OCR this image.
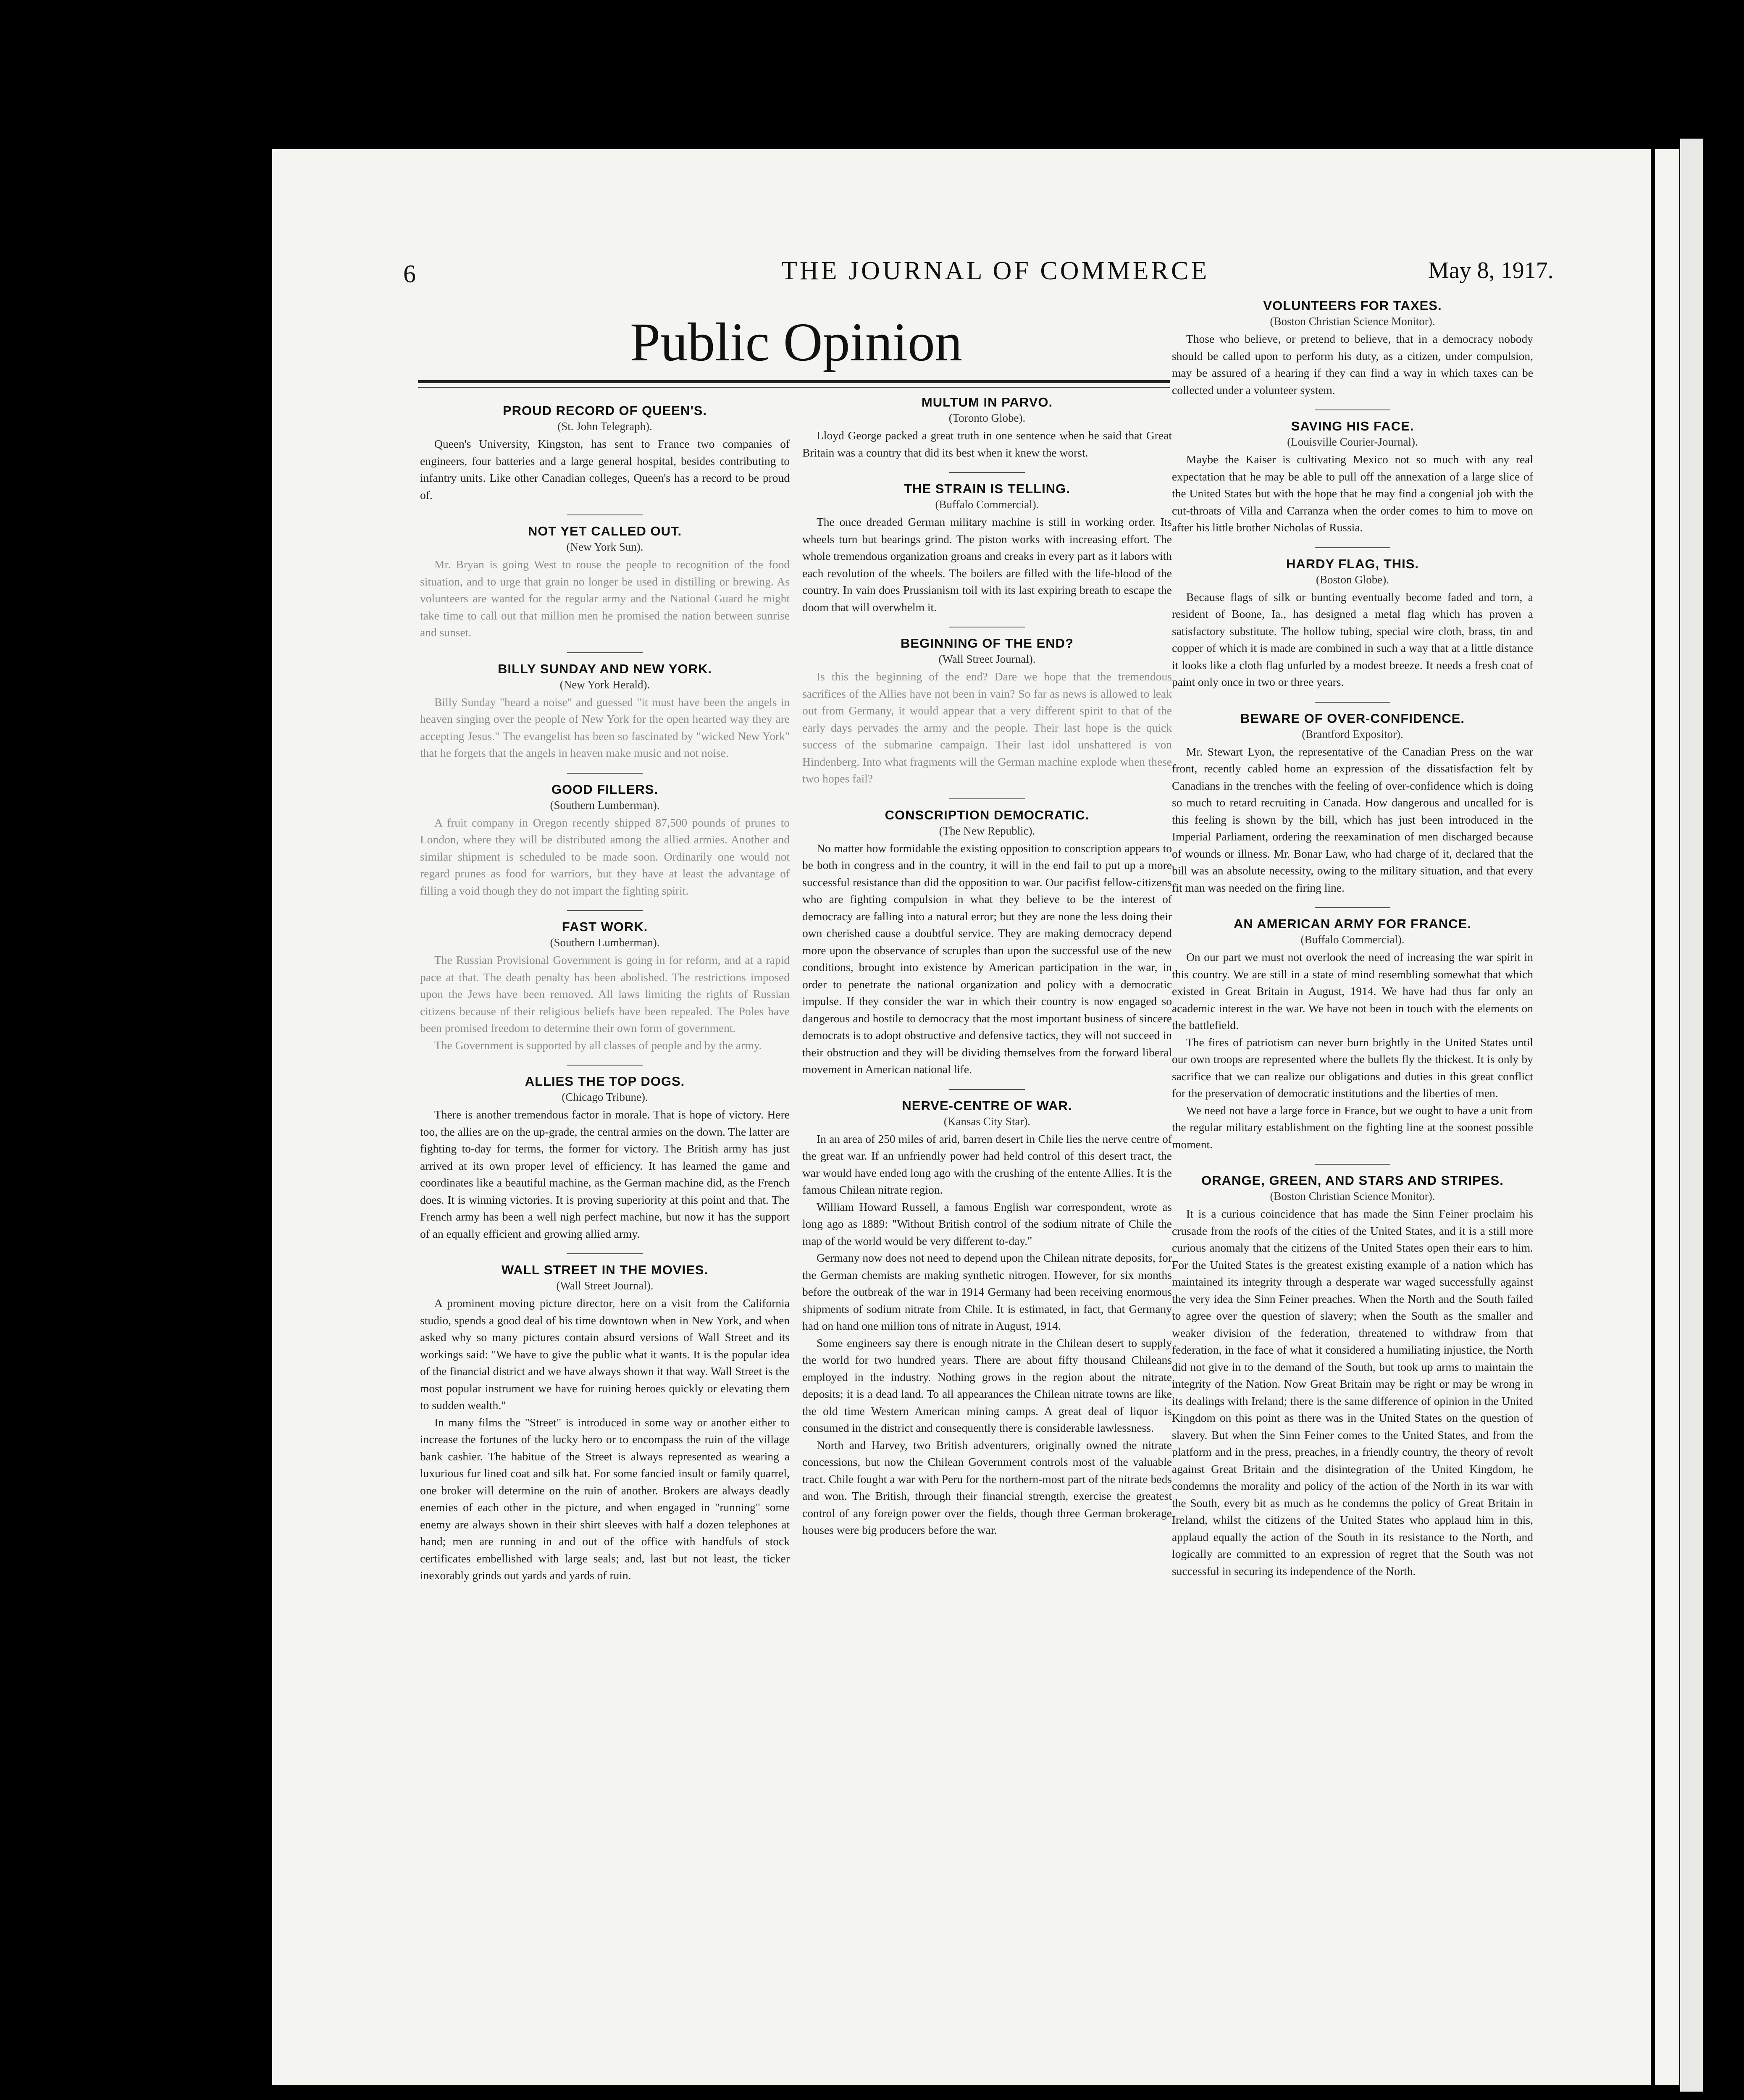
6	THE JOURNAL OF COMMERCE	May 8, 1917.
Public Opinion
PROUD RECORD OF QUEEN'S.
(St. John Telegraph).

Queen's University, Kingston, has sent to France two companies of engineers, four batteries and a large general hospital, besides contributing to infantry units. Like other Canadian colleges, Queen's has a record to be proud of.

NOT YET CALLED OUT.
(New York Sun).

Mr. Bryan is going West to rouse the people to recognition of the food situation, and to urge that grain no longer be used in distilling or brewing. As volunteers are wanted for the regular army and the National Guard he might take time to call out that million men he promised the nation between sunrise and sunset.

BILLY SUNDAY AND NEW YORK.
(New York Herald).

Billy Sunday "heard a noise" and guessed "it must have been the angels in heaven singing over the people of New York for the open hearted way they are accepting Jesus." The evangelist has been so fascinated by "wicked New York" that he forgets that the angels in heaven make music and not noise.

GOOD FILLERS.
(Southern Lumberman).

A fruit company in Oregon recently shipped 87,500 pounds of prunes to London, where they will be distributed among the allied armies. Another and similar shipment is scheduled to be made soon. Ordinarily one would not regard prunes as food for warriors, but they have at least the advantage of filling a void though they do not impart the fighting spirit.

FAST WORK.
(Southern Lumberman).

The Russian Provisional Government is going in for reform, and at a rapid pace at that. The death penalty has been abolished. The restrictions imposed upon the Jews have been removed. All laws limiting the rights of Russian citizens because of their religious beliefs have been repealed. The Poles have been promised freedom to determine their own form of government.

The Government is supported by all classes of people and by the army.

ALLIES THE TOP DOGS.
(Chicago Tribune).

There is another tremendous factor in morale. That is hope of victory. Here too, the allies are on the up-grade, the central armies on the down. The latter are fighting to-day for terms, the former for victory. The British army has just arrived at its own proper level of efficiency. It has learned the game and coordinates like a beautiful machine, as the German machine did, as the French does. It is winning victories. It is proving superiority at this point and that. The French army has been a well nigh perfect machine, but now it has the support of an equally efficient and growing allied army.

WALL STREET IN THE MOVIES.
(Wall Street Journal).

A prominent moving picture director, here on a visit from the California studio, spends a good deal of his time downtown when in New York, and when asked why so many pictures contain absurd versions of Wall Street and its workings said: "We have to give the public what it wants. It is the popular idea of the financial district and we have always shown it that way. Wall Street is the most popular instrument we have for ruining heroes quickly or elevating them to sudden wealth."

In many films the "Street" is introduced in some way or another either to increase the fortunes of the lucky hero or to encompass the ruin of the village bank cashier. The habitue of the Street is always represented as wearing a luxurious fur lined coat and silk hat. For some fancied insult or family quarrel, one broker will determine on the ruin of another. Brokers are always deadly enemies of each other in the picture, and when engaged in "running" some enemy are always shown in their shirt sleeves with half a dozen telephones at hand; men are running in and out of the office with handfuls of stock certificates embellished with large seals; and, last but not least, the ticker inexorably grinds out yards and yards of ruin.

MULTUM IN PARVO.
(Toronto Globe).

Lloyd George packed a great truth in one sentence when he said that Great Britain was a country that did its best when it knew the worst.

THE STRAIN IS TELLING.
(Buffalo Commercial).

The once dreaded German military machine is still in working order. Its wheels turn but bearings grind. The piston works with increasing effort. The whole tremendous organization groans and creaks in every part as it labors with each revolution of the wheels. The boilers are filled with the life-blood of the country. In vain does Prussianism toil with its last expiring breath to escape the doom that will overwhelm it.

BEGINNING OF THE END?
(Wall Street Journal).

Is this the beginning of the end? Dare we hope that the tremendous sacrifices of the Allies have not been in vain? So far as news is allowed to leak out from Germany, it would appear that a very different spirit to that of the early days pervades the army and the people. Their last hope is the quick success of the submarine campaign. Their last idol unshattered is von Hindenberg. Into what fragments will the German machine explode when these two hopes fail?

CONSCRIPTION DEMOCRATIC.
(The New Republic).

No matter how formidable the existing opposition to conscription appears to be both in congress and in the country, it will in the end fail to put up a more successful resistance than did the opposition to war. Our pacifist fellow-citizens who are fighting compulsion in what they believe to be the interest of democracy are falling into a natural error; but they are none the less doing their own cherished cause a doubtful service. They are making democracy depend more upon the observance of scruples than upon the successful use of the new conditions, brought into existence by American participation in the war, in order to penetrate the national organization and policy with a democratic impulse. If they consider the war in which their country is now engaged so dangerous and hostile to democracy that the most important business of sincere democrats is to adopt obstructive and defensive tactics, they will not succeed in their obstruction and they will be dividing themselves from the forward liberal movement in American national life.

NERVE-CENTRE OF WAR.
(Kansas City Star).

In an area of 250 miles of arid, barren desert in Chile lies the nerve centre of the great war. If an unfriendly power had held control of this desert tract, the war would have ended long ago with the crushing of the entente Allies. It is the famous Chilean nitrate region.

William Howard Russell, a famous English war correspondent, wrote as long ago as 1889: "Without British control of the sodium nitrate of Chile the map of the world would be very different to-day."

Germany now does not need to depend upon the Chilean nitrate deposits, for the German chemists are making synthetic nitrogen. However, for six months before the outbreak of the war in 1914 Germany had been receiving enormous shipments of sodium nitrate from Chile. It is estimated, in fact, that Germany had on hand one million tons of nitrate in August, 1914.

Some engineers say there is enough nitrate in the Chilean desert to supply the world for two hundred years. There are about fifty thousand Chileans employed in the industry. Nothing grows in the region about the nitrate deposits; it is a dead land. To all appearances the Chilean nitrate towns are like the old time Western American mining camps. A great deal of liquor is consumed in the district and consequently there is considerable lawlessness.

North and Harvey, two British adventurers, originally owned the nitrate concessions, but now the Chilean Government controls most of the valuable tract. Chile fought a war with Peru for the northern-most part of the nitrate beds and won. The British, through their financial strength, exercise the greatest control of any foreign power over the fields, though three German brokerage houses were big producers before the war.

VOLUNTEERS FOR TAXES.
(Boston Christian Science Monitor).

Those who believe, or pretend to believe, that in a democracy nobody should be called upon to perform his duty, as a citizen, under compulsion, may be assured of a hearing if they can find a way in which taxes can be collected under a volunteer system.

SAVING HIS FACE.
(Louisville Courier-Journal).

Maybe the Kaiser is cultivating Mexico not so much with any real expectation that he may be able to pull off the annexation of a large slice of the United States but with the hope that he may find a congenial job with the cut-throats of Villa and Carranza when the order comes to him to move on after his little brother Nicholas of Russia.

HARDY FLAG, THIS.
(Boston Globe).

Because flags of silk or bunting eventually become faded and torn, a resident of Boone, Ia., has designed a metal flag which has proven a satisfactory substitute. The hollow tubing, special wire cloth, brass, tin and copper of which it is made are combined in such a way that at a little distance it looks like a cloth flag unfurled by a modest breeze. It needs a fresh coat of paint only once in two or three years.

BEWARE OF OVER-CONFIDENCE.
(Brantford Expositor).

Mr. Stewart Lyon, the representative of the Canadian Press on the war front, recently cabled home an expression of the dissatisfaction felt by Canadians in the trenches with the feeling of over-confidence which is doing so much to retard recruiting in Canada. How dangerous and uncalled for is this feeling is shown by the bill, which has just been introduced in the Imperial Parliament, ordering the reexamination of men discharged because of wounds or illness. Mr. Bonar Law, who had charge of it, declared that the bill was an absolute necessity, owing to the military situation, and that every fit man was needed on the firing line.

AN AMERICAN ARMY FOR FRANCE.
(Buffalo Commercial).

On our part we must not overlook the need of increasing the war spirit in this country. We are still in a state of mind resembling somewhat that which existed in Great Britain in August, 1914. We have had thus far only an academic interest in the war. We have not been in touch with the elements on the battlefield.

The fires of patriotism can never burn brightly in the United States until our own troops are represented where the bullets fly the thickest. It is only by sacrifice that we can realize our obligations and duties in this great conflict for the preservation of democratic institutions and the liberties of men.

We need not have a large force in France, but we ought to have a unit from the regular military establishment on the fighting line at the soonest possible moment.

ORANGE, GREEN, AND STARS AND STRIPES.
(Boston Christian Science Monitor).

It is a curious coincidence that has made the Sinn Feiner proclaim his crusade from the roofs of the cities of the United States, and it is a still more curious anomaly that the citizens of the United States open their ears to him. For the United States is the greatest existing example of a nation which has maintained its integrity through a desperate war waged successfully against the very idea the Sinn Feiner preaches. When the North and the South failed to agree over the question of slavery; when the South as the smaller and weaker division of the federation, threatened to withdraw from that federation, in the face of what it considered a humiliating injustice, the North did not give in to the demand of the South, but took up arms to maintain the integrity of the Nation. Now Great Britain may be right or may be wrong in its dealings with Ireland; there is the same difference of opinion in the United Kingdom on this point as there was in the United States on the question of slavery. But when the Sinn Feiner comes to the United States, and from the platform and in the press, preaches, in a friendly country, the theory of revolt against Great Britain and the disintegration of the United Kingdom, he condemns the morality and policy of the action of the North in its war with the South, every bit as much as he condemns the policy of Great Britain in Ireland, whilst the citizens of the United States who applaud him in this, applaud equally the action of the South in its resistance to the North, and logically are committed to an expression of regret that the South was not successful in securing its independence of the North.
